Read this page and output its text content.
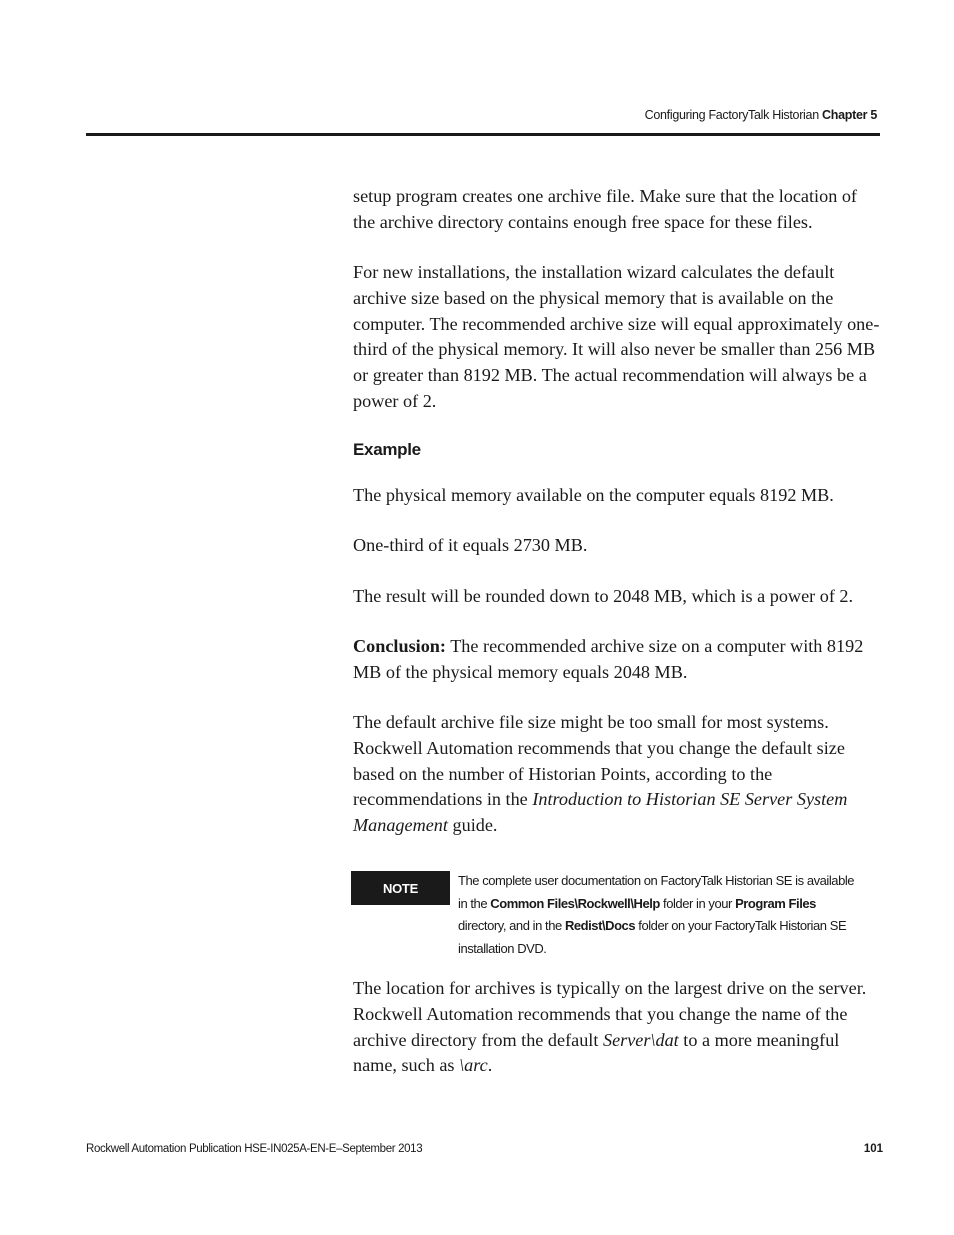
Configuring FactoryTalk Historian Chapter 5

setup program creates one archive file. Make sure that the location of the archive directory contains enough free space for these files.

For new installations, the installation wizard calculates the default archive size based on the physical memory that is available on the computer. The recommended archive size will equal approximately one-third of the physical memory. It will also never be smaller than 256 MB or greater than 8192 MB. The actual recommendation will always be a power of 2.

Example

The physical memory available on the computer equals 8192 MB.

One-third of it equals 2730 MB.

The result will be rounded down to 2048 MB, which is a power of 2.

Conclusion: The recommended archive size on a computer with 8192 MB of the physical memory equals 2048 MB.

The default archive file size might be too small for most systems. Rockwell Automation recommends that you change the default size based on the number of Historian Points, according to the recommendations in the Introduction to Historian SE Server System Management guide.

NOTE	The complete user documentation on FactoryTalk Historian SE is available in the Common Files\Rockwell\Help folder in your Program Files directory, and in the Redist\Docs folder on your FactoryTalk Historian SE installation DVD.

The location for archives is typically on the largest drive on the server. Rockwell Automation recommends that you change the name of the archive directory from the default Server\dat to a more meaningful name, such as \arc.

Rockwell Automation Publication HSE-IN025A-EN-E–September 2013	101
